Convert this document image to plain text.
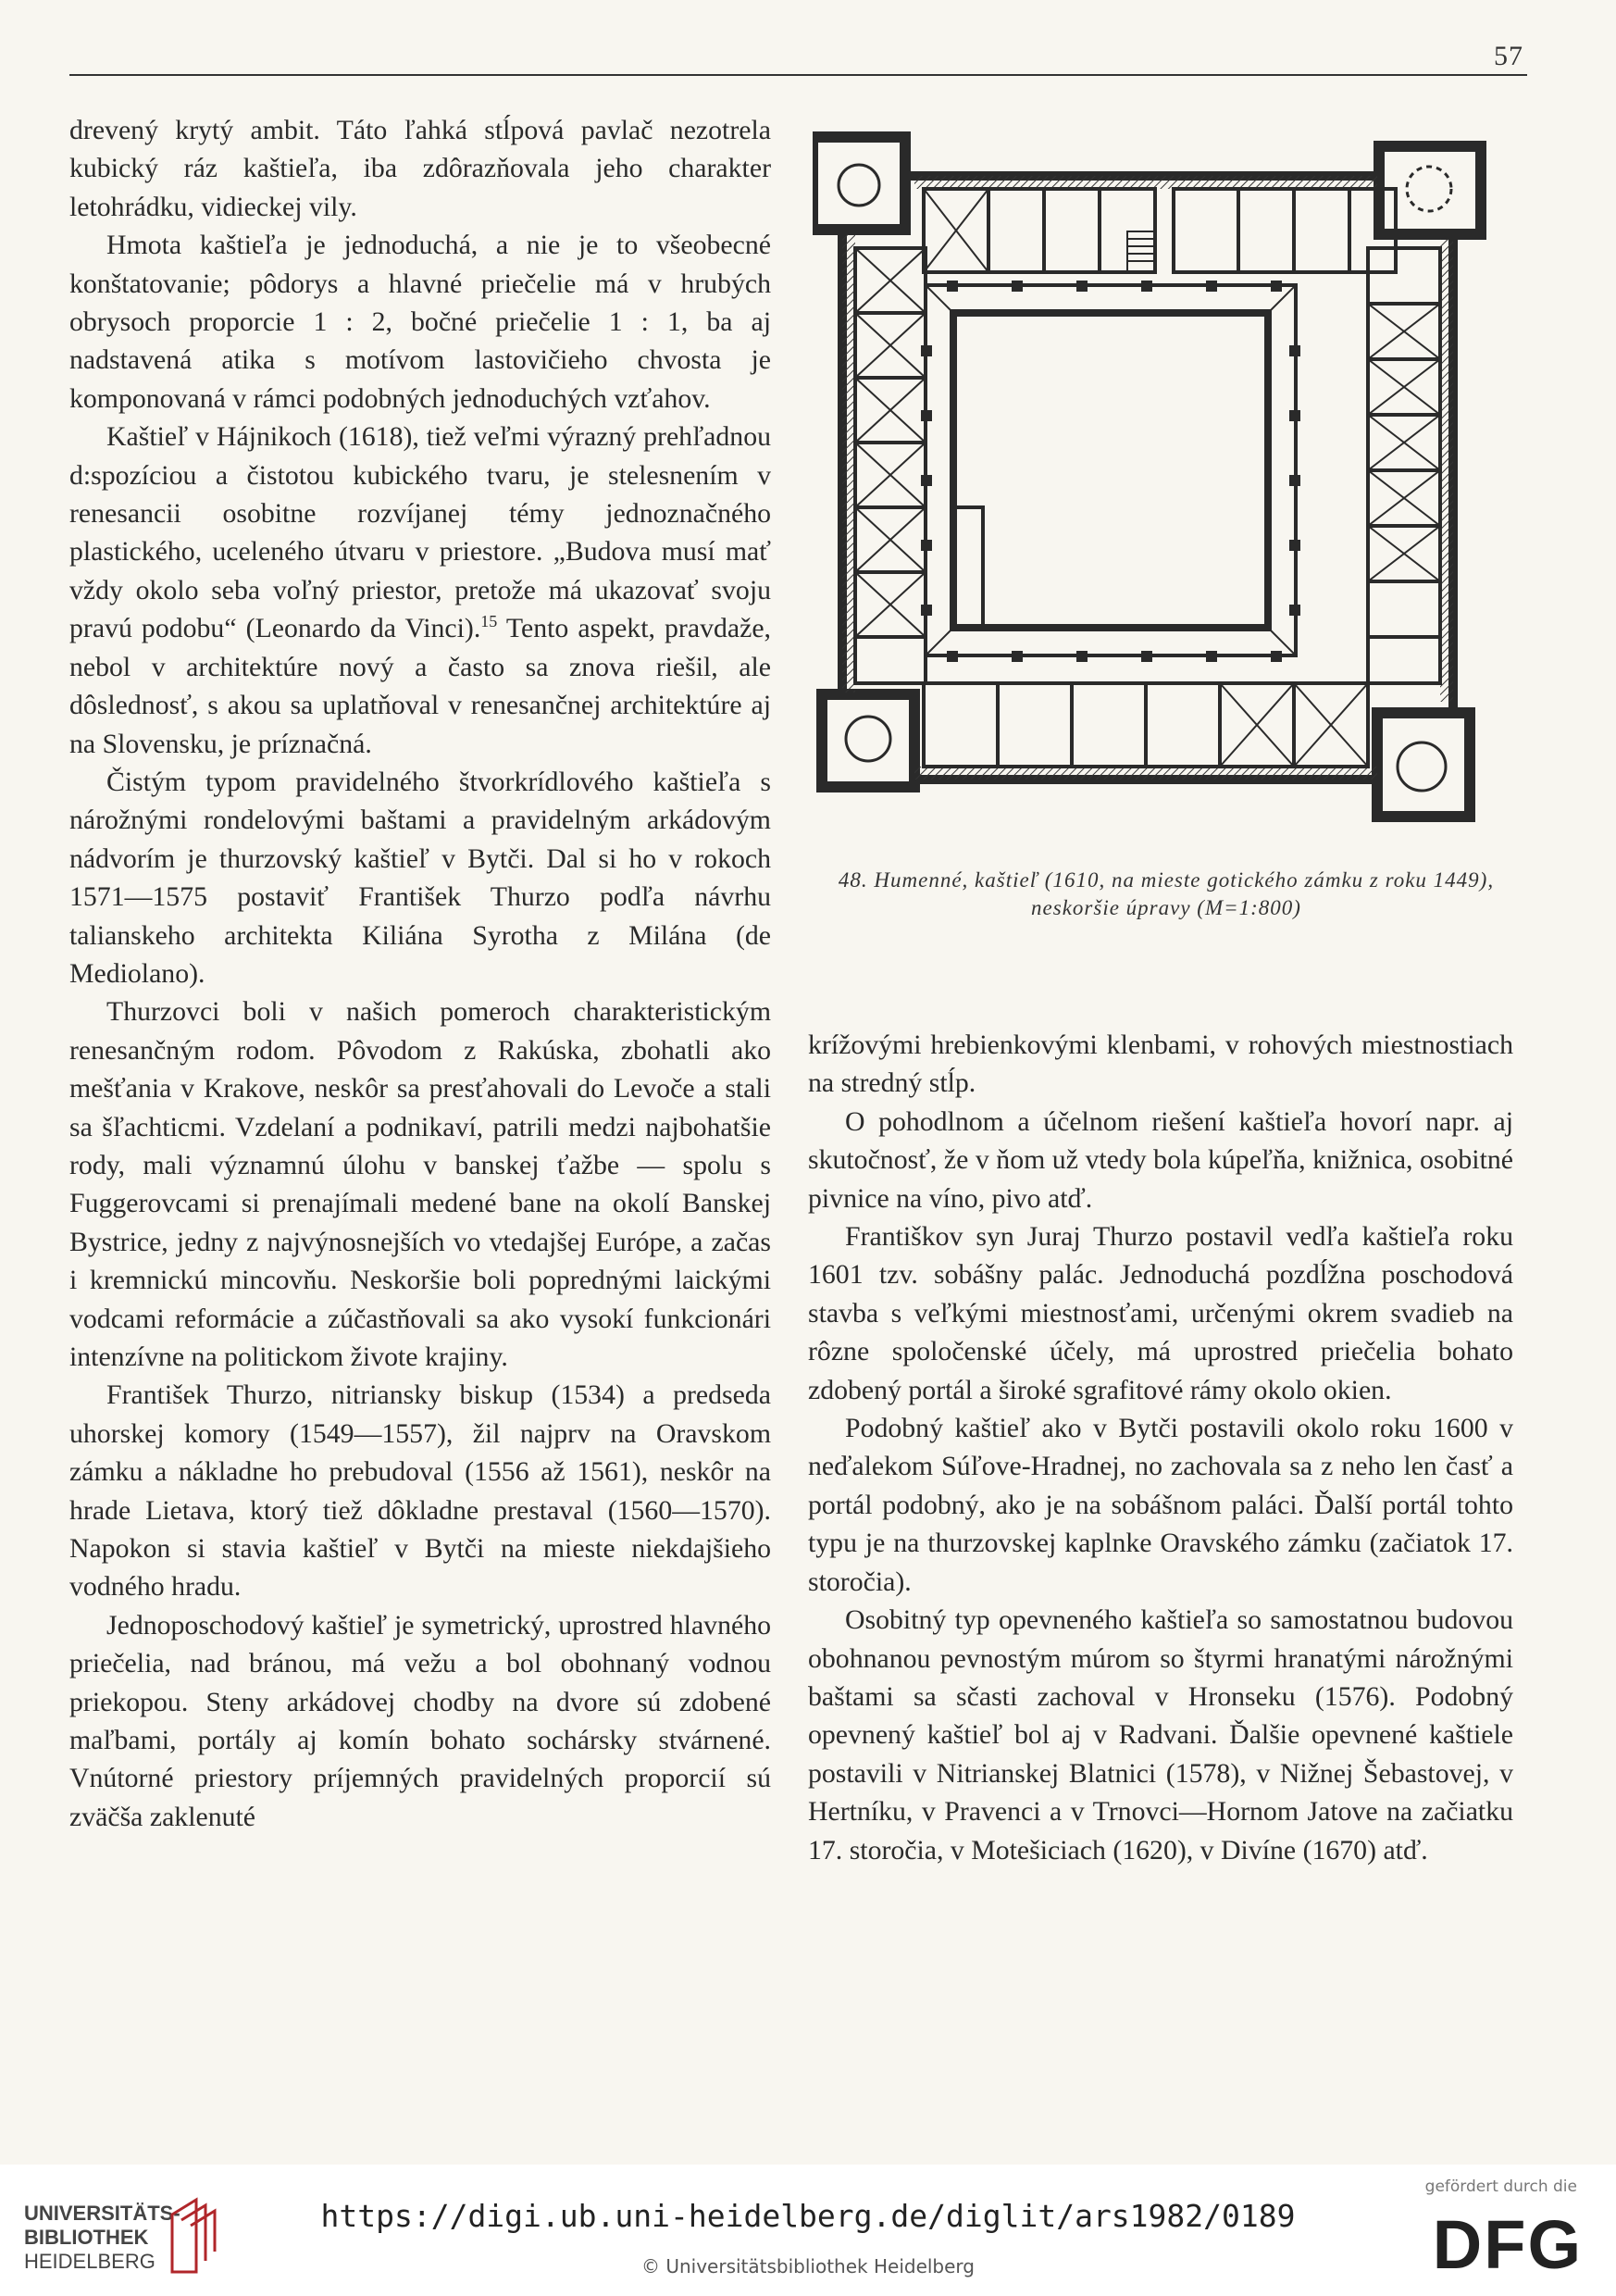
57

drevený krytý ambit. Táto ľahká stĺpová pavlač nezotrela kubický ráz kaštieľa, iba zdôrazňovala jeho charakter letohrádku, vidieckej vily.

Hmota kaštieľa je jednoduchá, a nie je to všeobecné konštatovanie; pôdorys a hlavné priečelie má v hrubých obrysoch proporcie 1 : 2, bočné priečelie 1 : 1, ba aj nadstavená atika s motívom lastovičieho chvosta je komponovaná v rámci podobných jednoduchých vzťahov.

Kaštieľ v Hájnikoch (1618), tiež veľmi výrazný prehľadnou d:spozíciou a čistotou kubického tvaru, je stelesnením v renesancii osobitne rozvíjanej témy jednoznačného plastického, uceleného útvaru v priestore. „Budova musí mať vždy okolo seba voľný priestor, pretože má ukazovať svoju pravú podobu“ (Leonardo da Vinci).$^{15}$ Tento aspekt, pravdaže, nebol v architektúre nový a často sa znova riešil, ale dôslednosť, s akou sa uplatňoval v renesančnej architektúre aj na Slovensku, je príznačná.

Čistým typom pravidelného štvorkrídlového kaštieľa s nárožnými rondelovými baštami a pravidelným arkádovým nádvorím je thurzovský kaštieľ v Bytči. Dal si ho v rokoch 1571—1575 postaviť František Thurzo podľa návrhu talianskeho architekta Kiliána Syrotha z Milána (de Mediolano).

Thurzovci boli v našich pomeroch charakteristickým renesančným rodom. Pôvodom z Rakúska, zbohatli ako mešťania v Krakove, neskôr sa presťahovali do Levoče a stali sa šľachticmi. Vzdelaní a podnikaví, patrili medzi najbohatšie rody, mali významnú úlohu v banskej ťažbe — spolu s Fuggerovcami si prenajímali medené bane na okolí Banskej Bystrice, jedny z najvýnosnejších vo vtedajšej Európe, a začas i kremnickú mincovňu. Neskoršie boli poprednými laickými vodcami reformácie a zúčastňovali sa ako vysokí funkcionári intenzívne na politickom živote krajiny.

František Thurzo, nitriansky biskup (1534) a predseda uhorskej komory (1549—1557), žil najprv na Oravskom zámku a nákladne ho prebudoval (1556 až 1561), neskôr na hrade Lietava, ktorý tiež dôkladne prestaval (1560—1570). Napokon si stavia kaštieľ v Bytči na mieste niekdajšieho vodného hradu.

Jednoposchodový kaštieľ je symetrický, uprostred hlavného priečelia, nad bránou, má vežu a bol obohnaný vodnou priekopou. Steny arkádovej chodby na dvore sú zdobené maľbami, portály aj komín bohato sochársky stvárnené. Vnútorné priestory príjemných pravidelných proporcií sú zväčša zaklenuté

48. Humenné, kaštieľ (1610, na mieste gotického zámku z roku 1449),
neskoršie úpravy (M=1:800)

krížovými hrebienkovými klenbami, v rohových miestnostiach na stredný stĺp.

O pohodlnom a účelnom riešení kaštieľa hovorí napr. aj skutočnosť, že v ňom už vtedy bola kúpeľňa, knižnica, osobitné pivnice na víno, pivo atď.

Františkov syn Juraj Thurzo postavil vedľa kaštieľa roku 1601 tzv. sobášny palác. Jednoduchá pozdĺžna poschodová stavba s veľkými miestnosťami, určenými okrem svadieb na rôzne spoločenské účely, má uprostred priečelia bohato zdobený portál a široké sgrafitové rámy okolo okien.

Podobný kaštieľ ako v Bytči postavili okolo roku 1600 v neďalekom Súľove-Hradnej, no zachovala sa z neho len časť a portál podobný, ako je na sobášnom paláci. Ďalší portál tohto typu je na thurzovskej kaplnke Oravského zámku (začiatok 17. storočia).

Osobitný typ opevneného kaštieľa so samostatnou budovou obohnanou pevnostým múrom so štyrmi hranatými nárožnými baštami sa sčasti zachoval v Hronseku (1576). Podobný opevnený kaštieľ bol aj v Radvani. Ďalšie opevnené kaštiele postavili v Nitrianskej Blatnici (1578), v Nižnej Šebastovej, v Hertníku, v Pravenci a v Trnovci—Hornom Jatove na začiatku 17. storočia, v Motešiciach (1620), v Divíne (1670) atď.

UNIVERSITÄTS-
BIBLIOTHEK
HEIDELBERG
https://digi.ub.uni-heidelberg.de/diglit/ars1982/0189
© Universitätsbibliothek Heidelberg
gefördert durch die
DFG
